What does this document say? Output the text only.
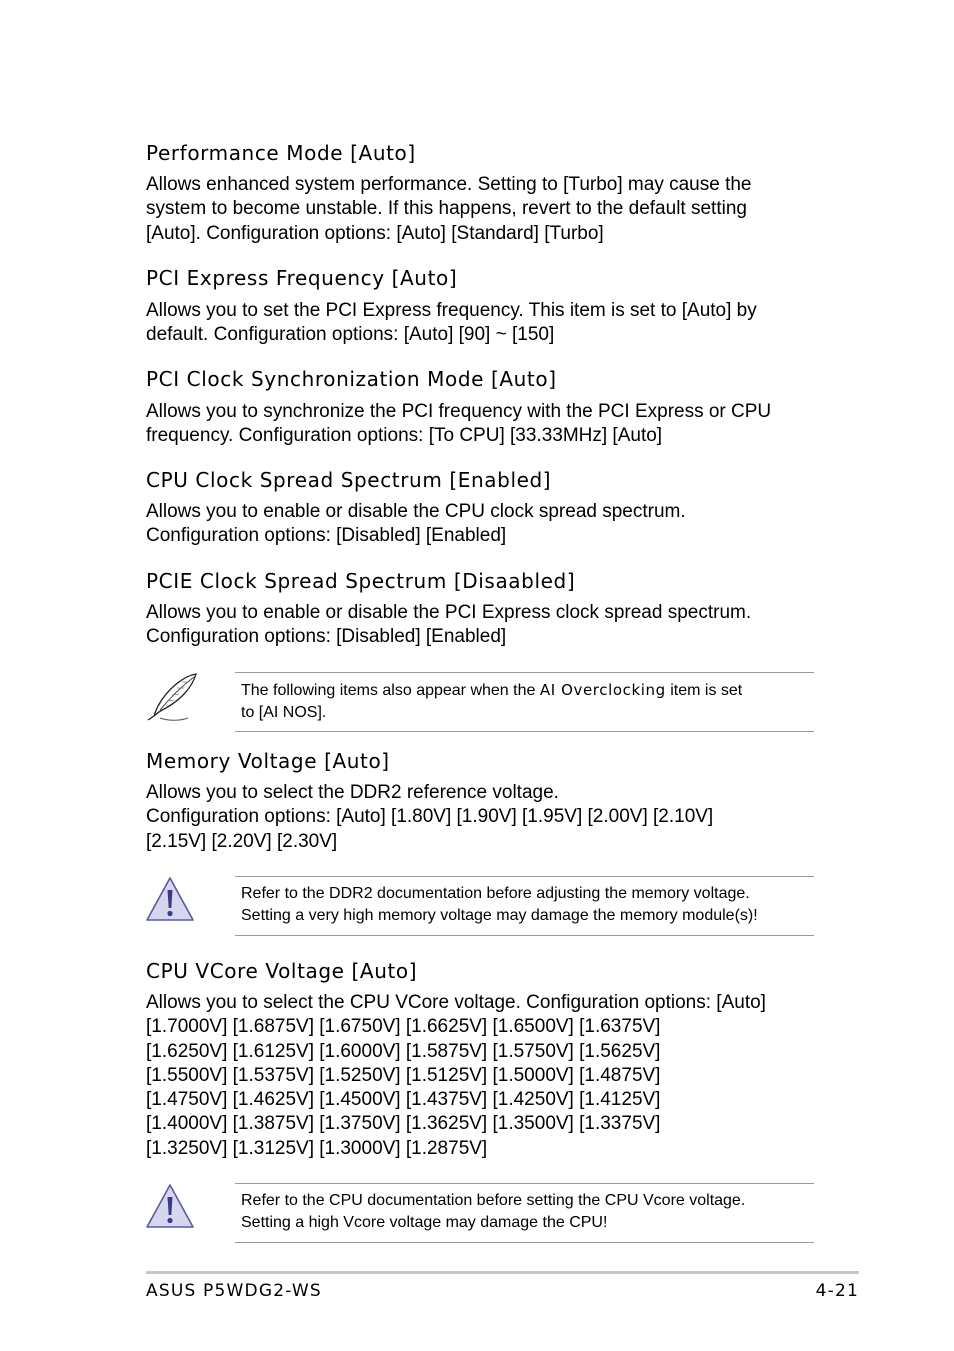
Performance Mode [Auto]

Allows enhanced system performance. Setting to [Turbo] may cause the
system to become unstable. If this happens, revert to the default setting
[Auto]. Configuration options: [Auto] [Standard] [Turbo]

PCI Express Frequency [Auto]

Allows you to set the PCI Express frequency. This item is set to [Auto] by
default. Configuration options: [Auto] [90] ~ [150]

PCI Clock Synchronization Mode [Auto]

Allows you to synchronize the PCI frequency with the PCI Express or CPU
frequency. Configuration options: [To CPU] [33.33MHz] [Auto]

CPU Clock Spread Spectrum [Enabled]

Allows you to enable or disable the CPU clock spread spectrum.
Configuration options: [Disabled] [Enabled]

PCIE Clock Spread Spectrum [Disaabled]

Allows you to enable or disable the PCI Express clock spread spectrum.
Configuration options: [Disabled] [Enabled]

The following items also appear when the AI Overclocking item is set
to [AI NOS].
Memory Voltage [Auto]

Allows you to select the DDR2 reference voltage.
Configuration options: [Auto] [1.80V] [1.90V] [1.95V] [2.00V] [2.10V]
[2.15V] [2.20V] [2.30V]

Refer to the DDR2 documentation before adjusting the memory voltage.
Setting a very high memory voltage may damage the memory module(s)!
CPU VCore Voltage [Auto]

Allows you to select the CPU VCore voltage. Configuration options: [Auto]
[1.7000V] [1.6875V] [1.6750V] [1.6625V] [1.6500V] [1.6375V]
[1.6250V] [1.6125V] [1.6000V] [1.5875V] [1.5750V] [1.5625V]
[1.5500V] [1.5375V] [1.5250V] [1.5125V] [1.5000V] [1.4875V]
[1.4750V] [1.4625V] [1.4500V] [1.4375V] [1.4250V] [1.4125V]
[1.4000V] [1.3875V] [1.3750V] [1.3625V] [1.3500V] [1.3375V]
[1.3250V] [1.3125V] [1.3000V] [1.2875V]

Refer to the CPU documentation before setting the CPU Vcore voltage.
Setting a high Vcore voltage may damage the CPU!
ASUS P5WDG2-WS	4-21
